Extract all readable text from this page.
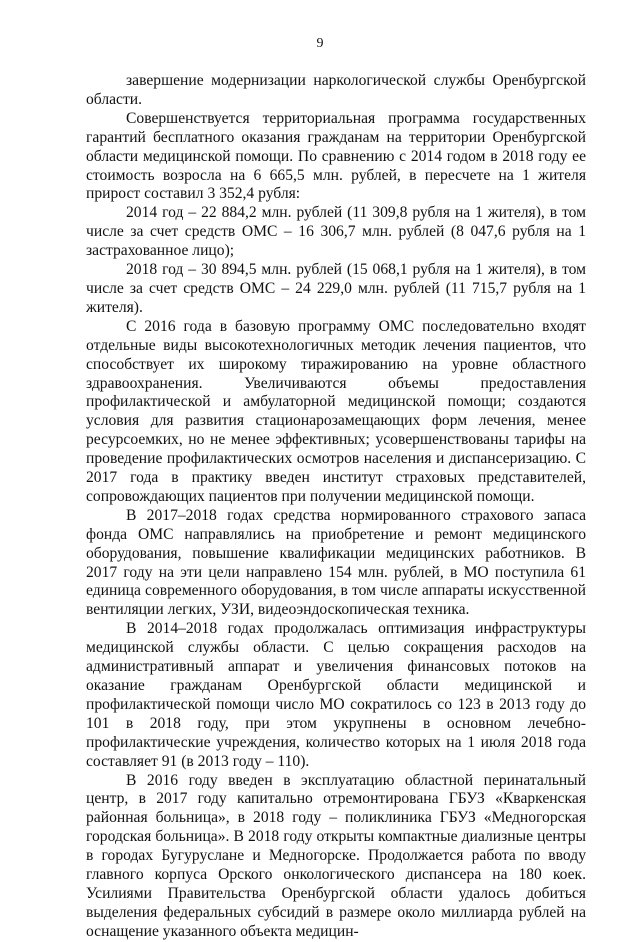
9

завершение модернизации наркологической службы Оренбургской области.

Совершенствуется территориальная программа государственных гарантий бесплатного оказания гражданам на территории Оренбургской области медицинской помощи. По сравнению с 2014 годом в 2018 году ее стоимость возросла на 6 665,5 млн. рублей, в пересчете на 1 жителя прирост составил 3 352,4 рубля:

2014 год – 22 884,2 млн. рублей (11 309,8 рубля на 1 жителя), в том числе за счет средств ОМС – 16 306,7 млн. рублей (8 047,6 рубля на 1 застрахованное лицо);

2018 год – 30 894,5 млн. рублей (15 068,1 рубля на 1 жителя), в том числе за счет средств ОМС – 24 229,0 млн. рублей (11 715,7 рубля на 1 жителя).

С 2016 года в базовую программу ОМС последовательно входят отдельные виды высокотехнологичных методик лечения пациентов, что способствует их широкому тиражированию на уровне областного здравоохранения. Увеличиваются объемы предоставления профилактической и амбулаторной медицинской помощи; создаются условия для развития стационарозамещающих форм лечения, менее ресурсоемких, но не менее эффективных; усовершенствованы тарифы на проведение профилактических осмотров населения и диспансеризацию. С 2017 года в практику введен институт страховых представителей, сопровождающих пациентов при получении медицинской помощи.

В 2017–2018 годах средства нормированного страхового запаса фонда ОМС направлялись на приобретение и ремонт медицинского оборудования, повышение квалификации медицинских работников. В 2017 году на эти цели направлено 154 млн. рублей, в МО поступила 61 единица современного оборудования, в том числе аппараты искусственной вентиляции легких, УЗИ, видеоэндоскопическая техника.

В 2014–2018 годах продолжалась оптимизация инфраструктуры медицинской службы области. С целью сокращения расходов на административный аппарат и увеличения финансовых потоков на оказание гражданам Оренбургской области медицинской и профилактической помощи число МО сократилось со 123 в 2013 году до 101 в 2018 году, при этом укрупнены в основном лечебно-профилактические учреждения, количество которых на 1 июля 2018 года составляет 91 (в 2013 году – 110).

В 2016 году введен в эксплуатацию областной перинатальный центр, в 2017 году капитально отремонтирована ГБУЗ «Кваркенская районная больница», в 2018 году – поликлиника ГБУЗ «Медногорская городская больница». В 2018 году открыты компактные диализные центры в городах Бугуруслане и Медногорске. Продолжается работа по вводу главного корпуса Орского онкологического диспансера на 180 коек. Усилиями Правительства Оренбургской области удалось добиться выделения федеральных субсидий в размере около миллиарда рублей на оснащение указанного объекта медицин-
